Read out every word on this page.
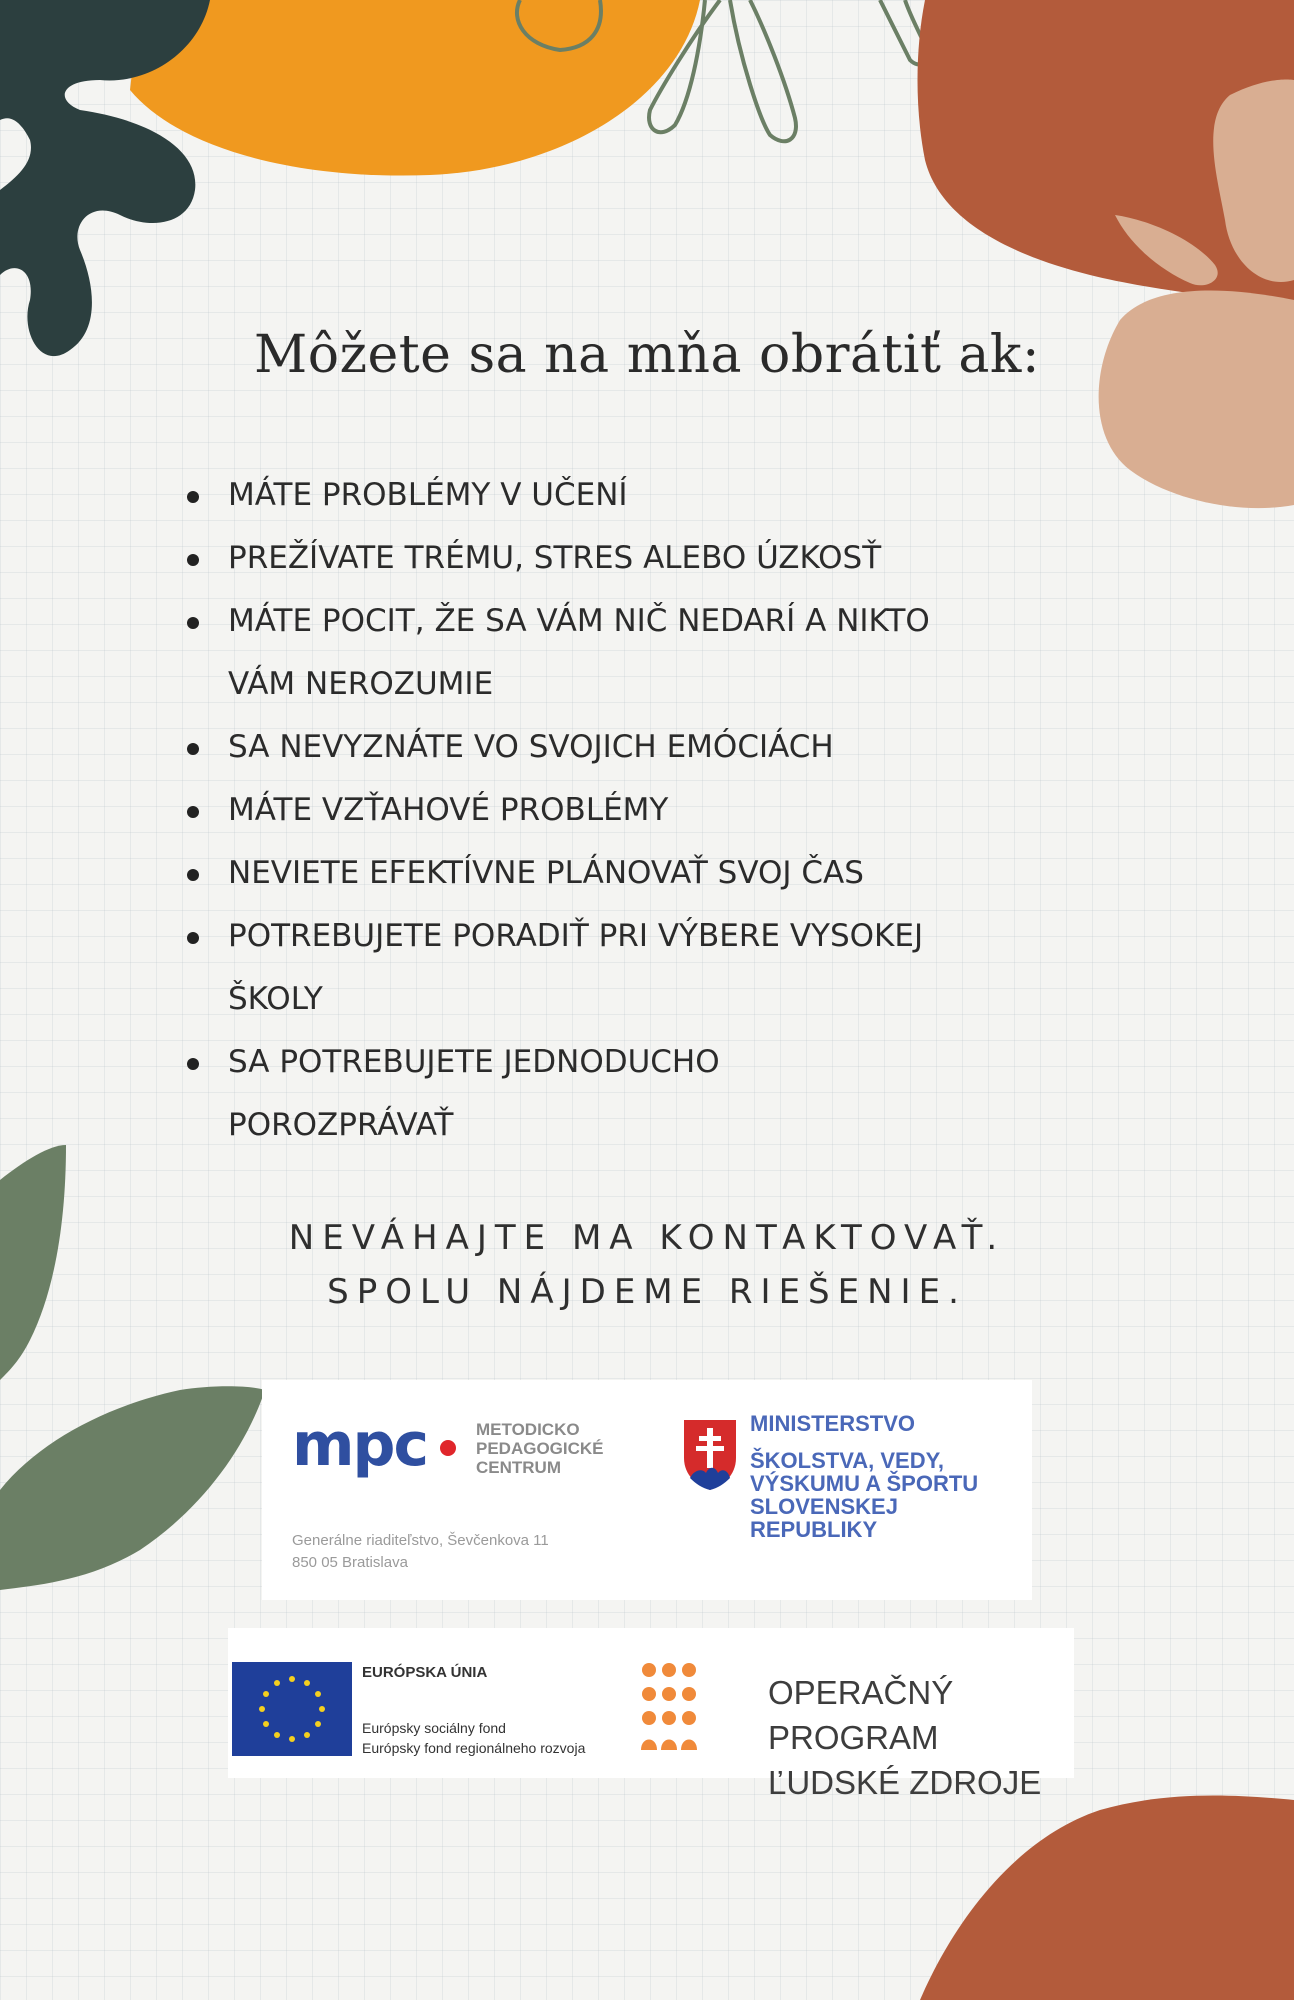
Môžete sa na mňa obrátiť ak:
MÁTE PROBLÉMY V UČENÍ
PREŽÍVATE TRÉMU, STRES ALEBO ÚZKOSŤ
MÁTE POCIT, ŽE SA VÁM NIČ NEDARÍ A NIKTO
VÁM NEROZUMIE
SA NEVYZNÁTE VO SVOJICH EMÓCIÁCH
MÁTE VZŤAHOVÉ PROBLÉMY
NEVIETE EFEKTÍVNE PLÁNOVAŤ SVOJ ČAS
POTREBUJETE PORADIŤ PRI VÝBERE VYSOKEJ
ŠKOLY
SA POTREBUJETE JEDNODUCHO
POROZPRÁVAŤ
NEVÁHAJTE MA KONTAKTOVAŤ.
SPOLU NÁJDEME RIEŠENIE.
mpc	METODICKO
PEDAGOGICKÉ
CENTRUM
Generálne riaditeľstvo, Ševčenkova 11
850 05 Bratislava
MINISTERSTVO
ŠKOLSTVA, VEDY,
VÝSKUMU A ŠPORTU
SLOVENSKEJ REPUBLIKY
EURÓPSKA ÚNIA
Európsky sociálny fond
Európsky fond regionálneho rozvoja
OPERAČNÝ PROGRAM
ĽUDSKÉ ZDROJE
